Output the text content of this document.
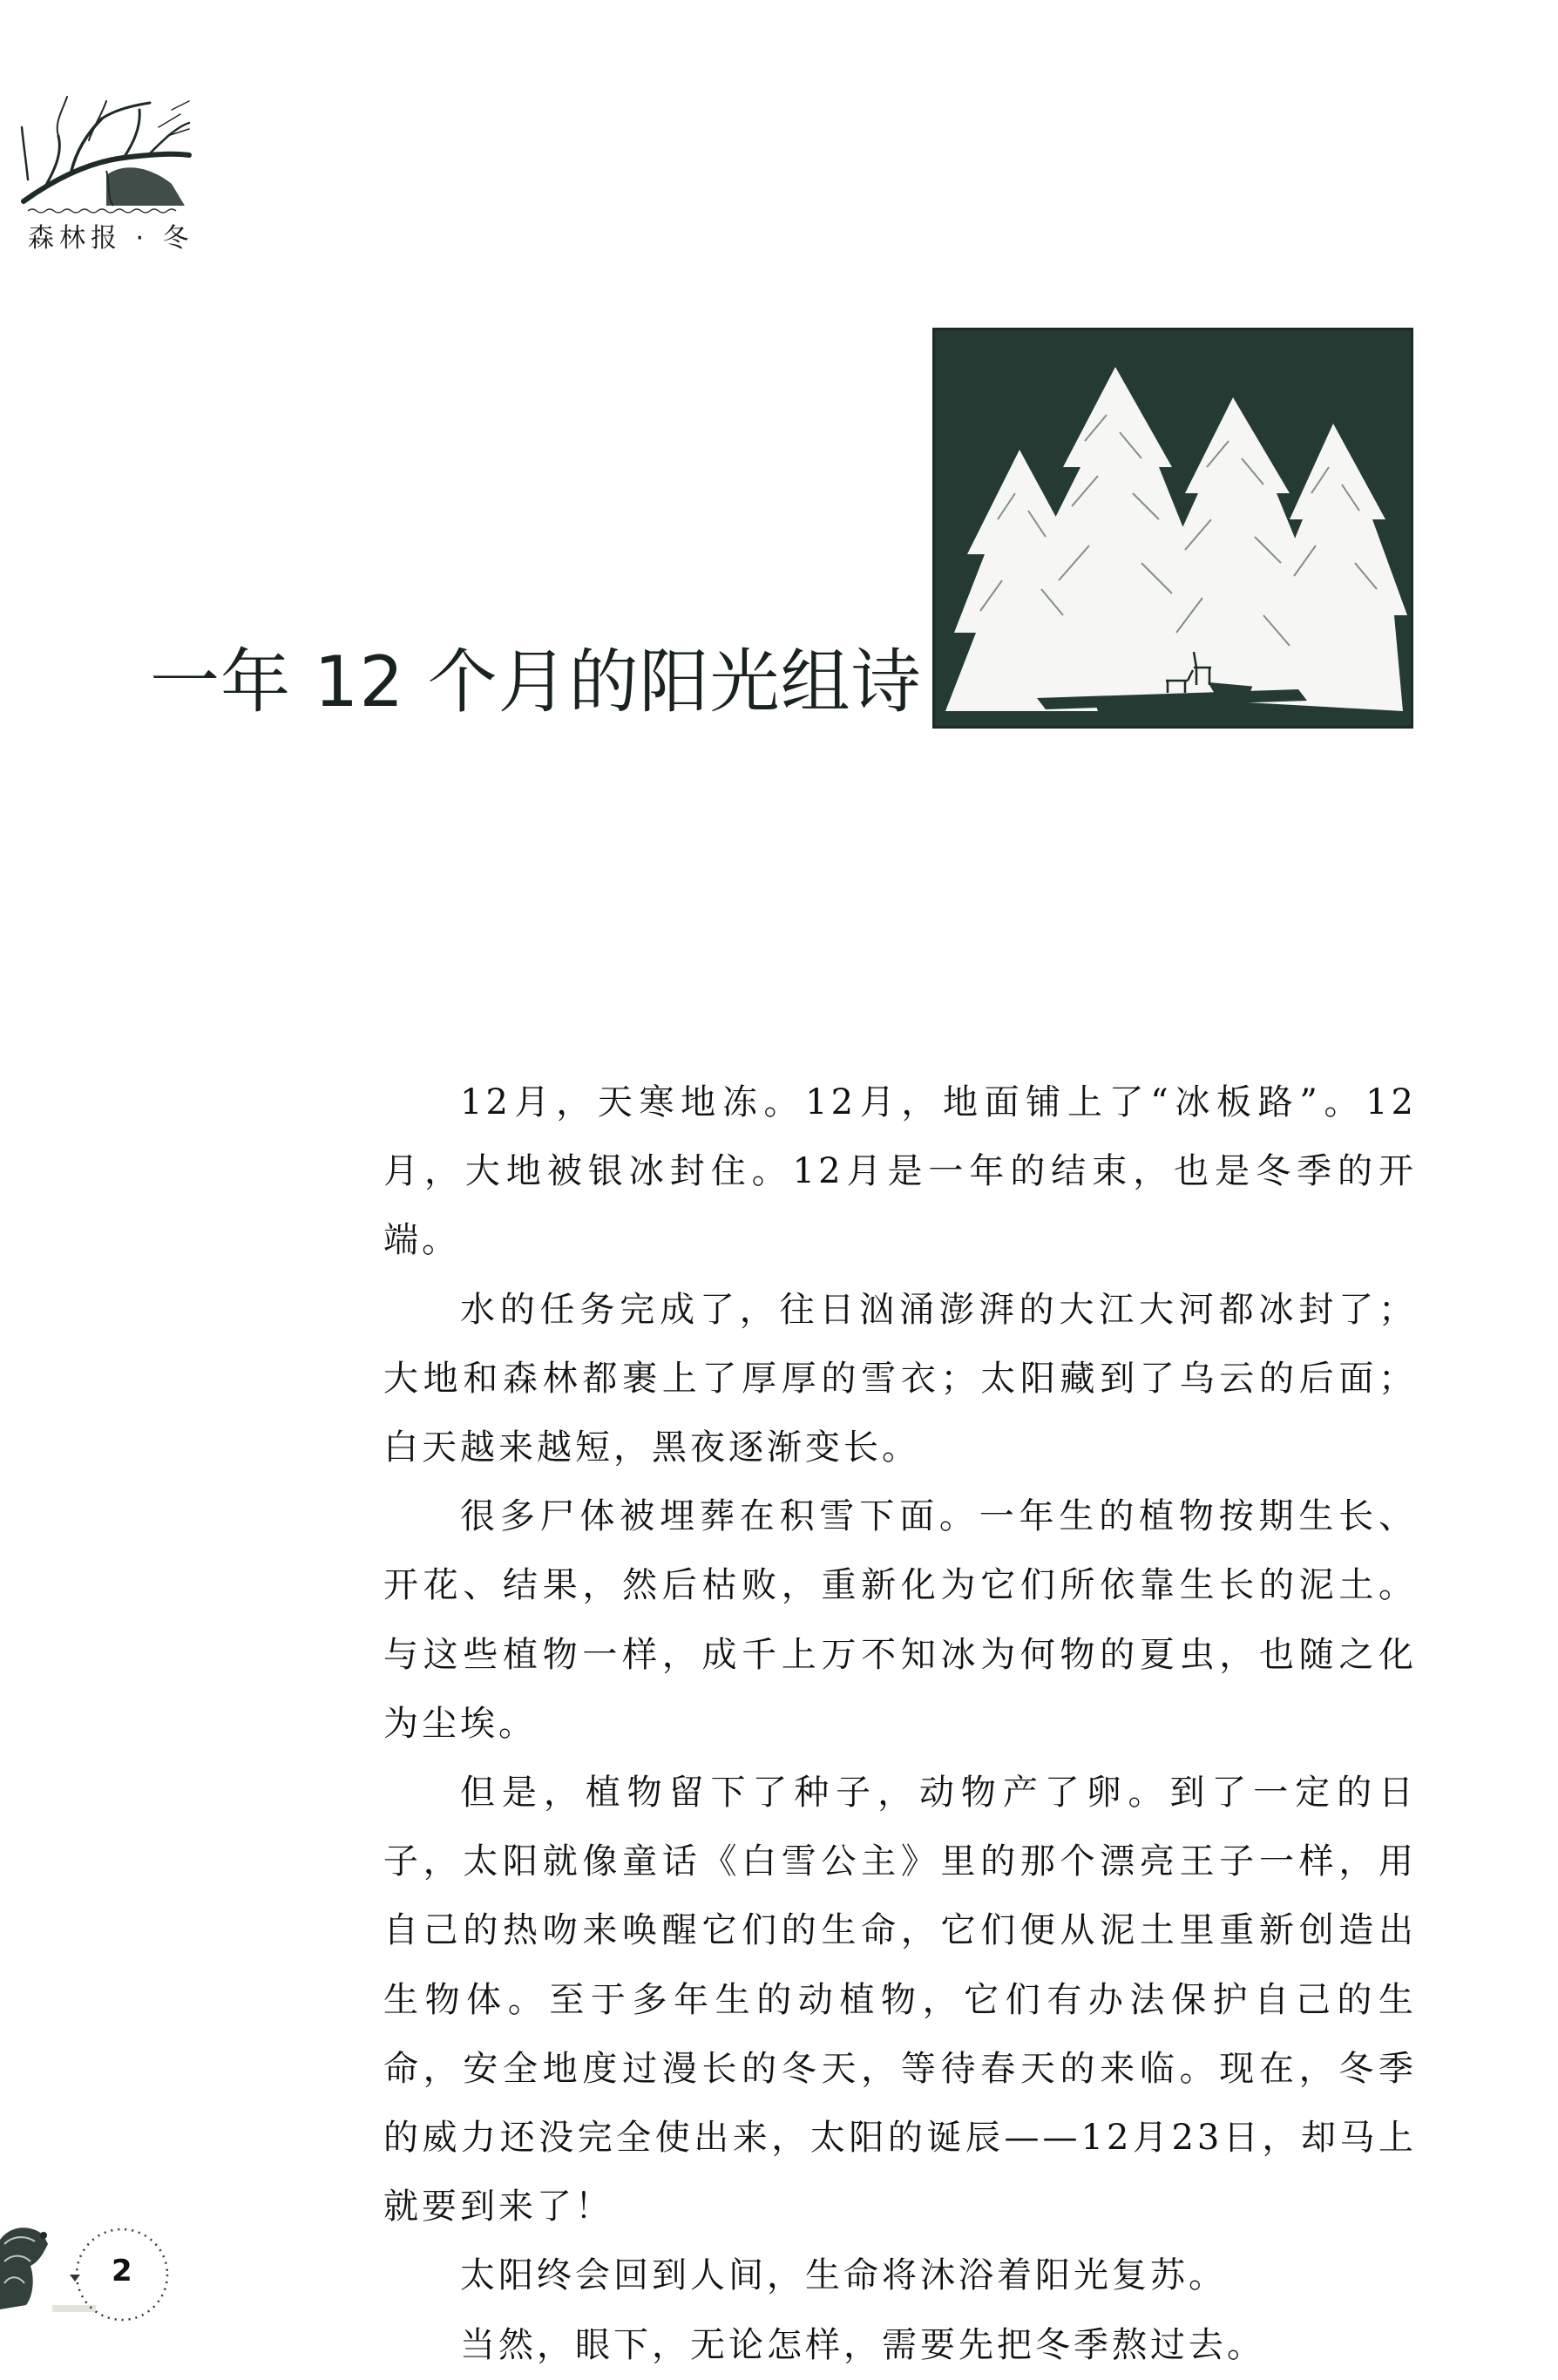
森林报 · 冬
一年 12 个月的阳光组诗

12月，天寒地冻。12月，地面铺上了“冰板路”。12月，大地被银冰封住。12月是一年的结束，也是冬季的开端。

水的任务完成了，往日汹涌澎湃的大江大河都冰封了；大地和森林都裹上了厚厚的雪衣；太阳藏到了乌云的后面；白天越来越短，黑夜逐渐变长。

很多尸体被埋葬在积雪下面。一年生的植物按期生长、开花、结果，然后枯败，重新化为它们所依靠生长的泥土。与这些植物一样，成千上万不知冰为何物的夏虫，也随之化为尘埃。

但是，植物留下了种子，动物产了卵。到了一定的日子，太阳就像童话《白雪公主》里的那个漂亮王子一样，用自己的热吻来唤醒它们的生命，它们便从泥土里重新创造出生物体。至于多年生的动植物，它们有办法保护自己的生命，安全地度过漫长的冬天，等待春天的来临。现在，冬季的威力还没完全使出来，太阳的诞辰——12月23日，却马上就要到来了！

太阳终会回到人间，生命将沐浴着阳光复苏。

当然，眼下，无论怎样，需要先把冬季熬过去。

2
